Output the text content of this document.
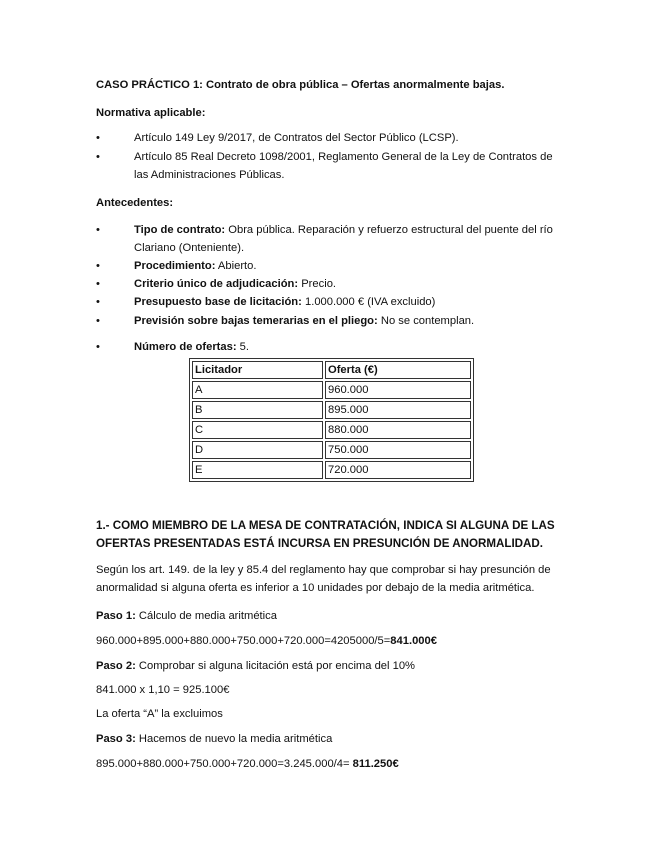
CASO PRÁCTICO 1: Contrato de obra pública – Ofertas anormalmente bajas.

Normativa aplicable:

•	Artículo 149 Ley 9/2017, de Contratos del Sector Público (LCSP).
•	Artículo 85 Real Decreto 1098/2001, Reglamento General de la Ley de Contratos de las Administraciones Públicas.

Antecedentes:

•	Tipo de contrato: Obra pública. Reparación y refuerzo estructural del puente del río Clariano (Onteniente).
•	Procedimiento: Abierto.
•	Criterio único de adjudicación: Precio.
•	Presupuesto base de licitación: 1.000.000 € (IVA excluido)
•	Previsión sobre bajas temerarias en el pliego: No se contemplan.
•	Número de ofertas: 5.
Licitador	Oferta (€)
A	960.000
B	895.000
C	880.000
D	750.000
E	720.000

1.- COMO MIEMBRO DE LA MESA DE CONTRATACIÓN, INDICA SI ALGUNA DE LAS OFERTAS PRESENTADAS ESTÁ INCURSA EN PRESUNCIÓN DE ANORMALIDAD.

Según los art. 149. de la ley y 85.4 del reglamento hay que comprobar si hay presunción de anormalidad si alguna oferta es inferior a 10 unidades por debajo de la media aritmética.

Paso 1: Cálculo de media aritmética

960.000+895.000+880.000+750.000+720.000=4205000/5=841.000€

Paso 2: Comprobar si alguna licitación está por encima del 10%

841.000 x 1,10 = 925.100€

La oferta “A” la excluimos

Paso 3: Hacemos de nuevo la media aritmética

895.000+880.000+750.000+720.000=3.245.000/4= 811.250€
